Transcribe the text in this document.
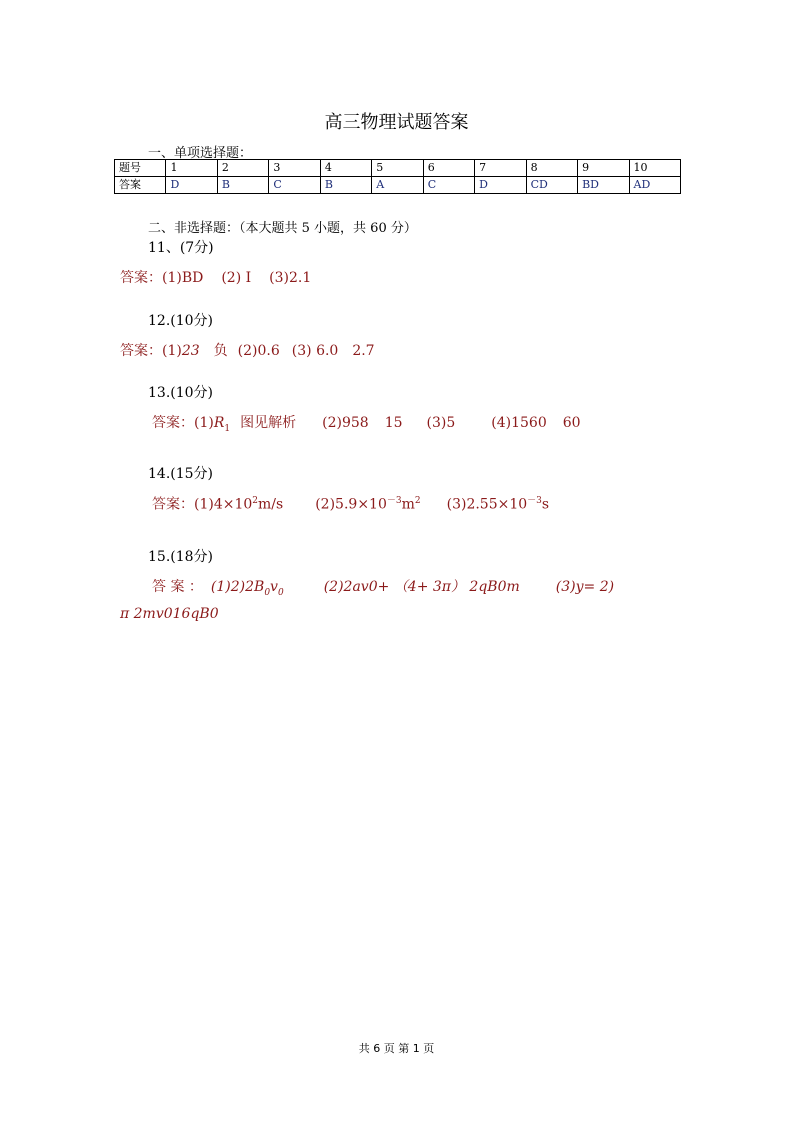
高三物理试题答案
一、单项选择题：
题号	1	2	3	4	5	6	7	8	9	10
答案	D	B	C	B	A	C	D	CD	BD	AD
二、非选择题：（本大题共 5 小题，共 60 分）
11、(7分)
答案：(1)BD (2) Ⅰ (3)2.1
12.(10分)
答案：(1)23 负 (2)0.6 (3) 6.0 2.7
13.(10分)
答案：$(1)R_1$ 图见解析 (2)958 15 (3)5	(4)1560 60
14.(15分)
答案：$(1)4\times 10^2m/s$ $(2)5.9\times 10^{-3}m^2$ $(3)2.55\times 10^{-3}s$
15.(18分)
答 案 ： $(1)2)2B_0v_0$	(2)2av0+ （4+ 3π） 2qB0m	(3)y= 2)
π 2mv016qB0
共 6 页 第 1 页
